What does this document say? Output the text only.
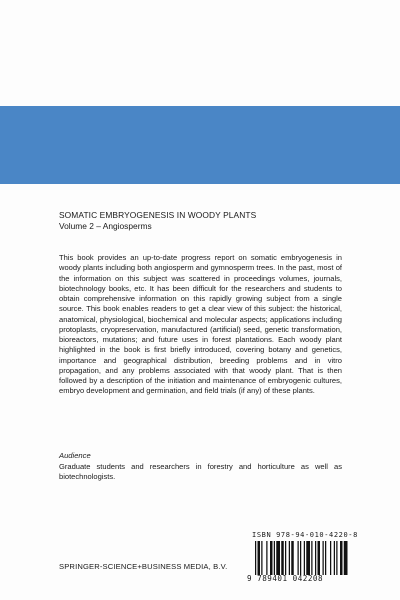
SOMATIC EMBRYOGENESIS IN WOODY PLANTS

Volume 2 – Angiosperms

This book provides an up-to-date progress report on somatic embryogenesis in woody plants including both angiosperm and gymnosperm trees. In the past, most of the information on this subject was scattered in proceedings volumes, journals, biotechnology books, etc. It has been difficult for the researchers and students to obtain comprehensive information on this rapidly growing subject from a single source. This book enables readers to get a clear view of this subject: the historical, anatomical, physiological, biochemical and molecular aspects; applications including protoplasts, cryopreservation, manufactured (artificial) seed, genetic transformation, bioreactors, mutations; and future uses in forest plantations. Each woody plant highlighted in the book is first briefly introduced, covering botany and genetics, importance and geographical distribution, breeding problems and in vitro propagation, and any problems associated with that woody plant. That is then followed by a description of the initiation and maintenance of embryogenic cultures, embryo development and germination, and field trials (if any) of these plants.

Audience

Graduate students and researchers in forestry and horticulture as well as biotechnologists.

ISBN 978-94-010-4220-8
9 789401 042208
SPRINGER-SCIENCE+BUSINESS MEDIA, B.V.
